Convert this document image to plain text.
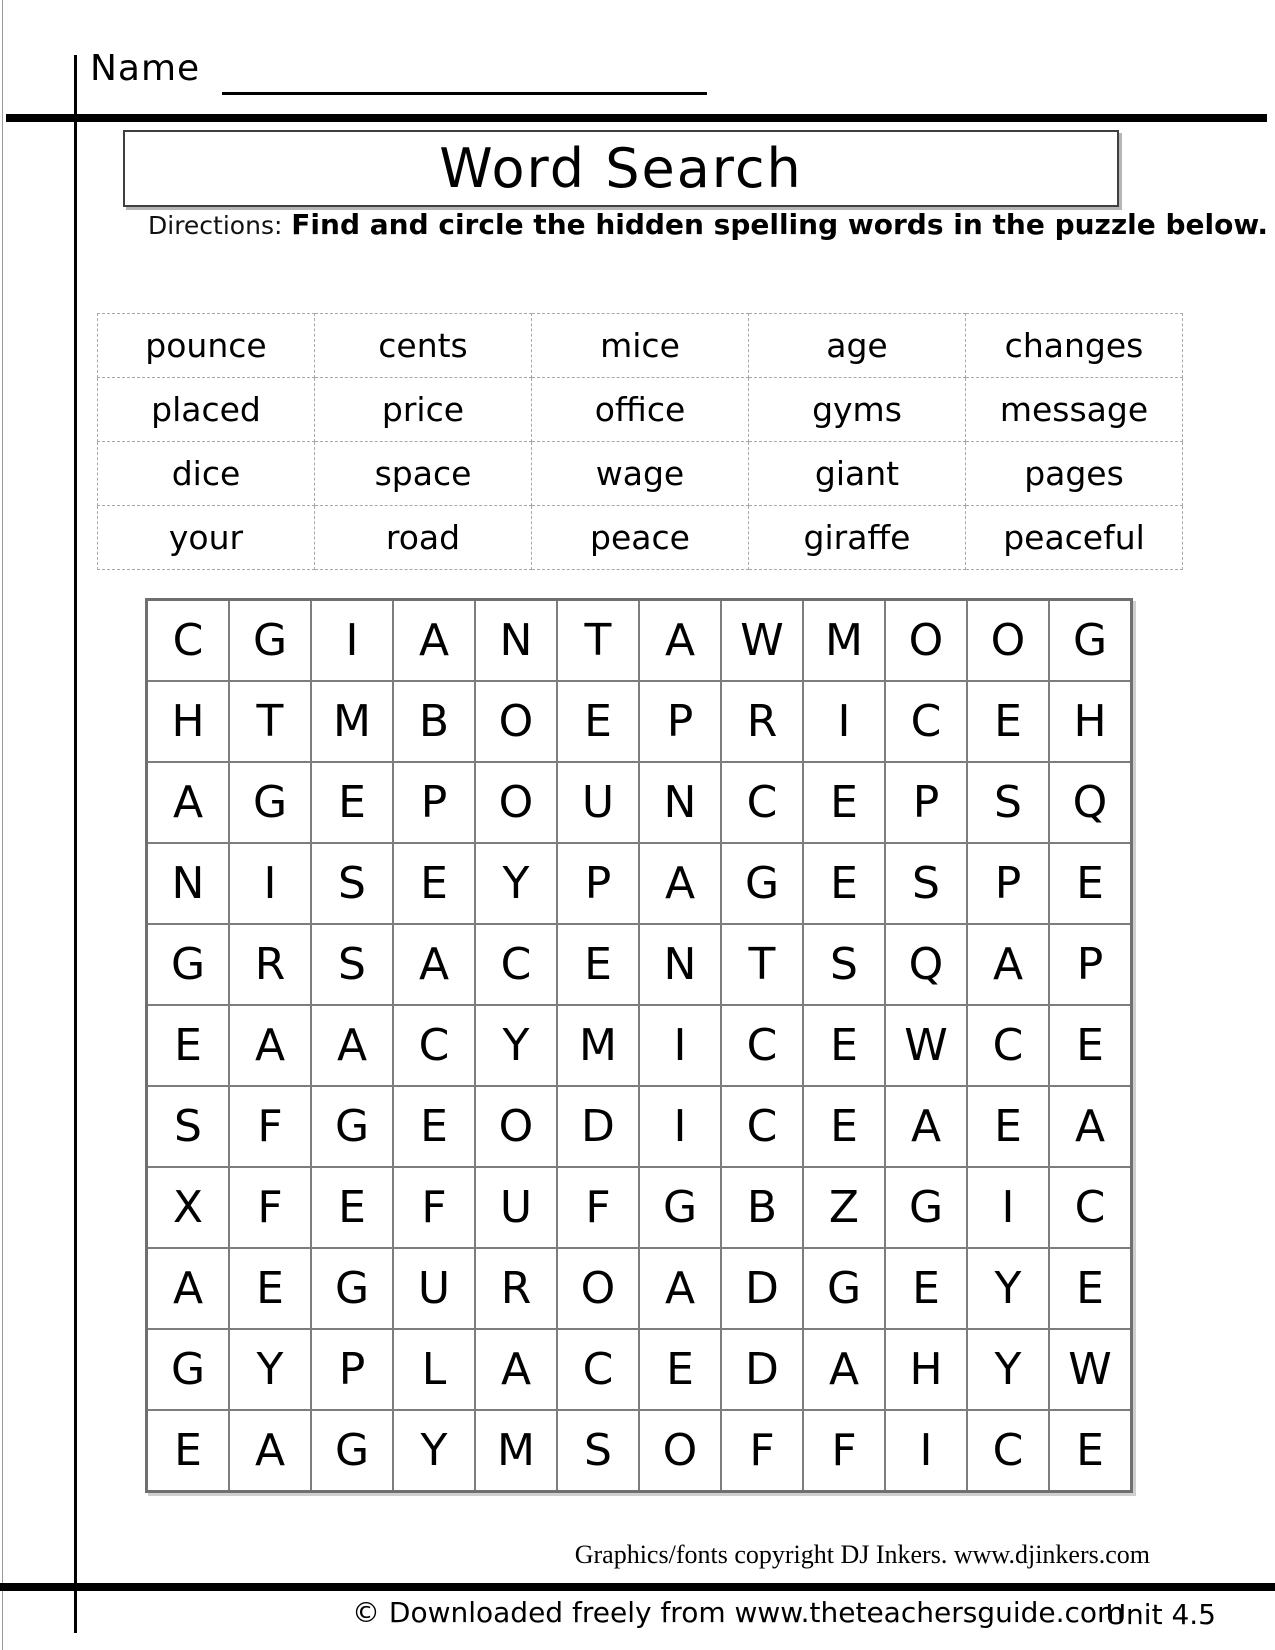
Name
Word Search
Directions: Find and circle the hidden spelling words in the puzzle below.
pounce	cents	mice	age	changes
placed	price	office	gyms	message
dice	space	wage	giant	pages
your	road	peace	giraffe	peaceful
C	G	I	A	N	T	A	W	M	O	O	G
H	T	M	B	O	E	P	R	I	C	E	H
A	G	E	P	O	U	N	C	E	P	S	Q
N	I	S	E	Y	P	A	G	E	S	P	E
G	R	S	A	C	E	N	T	S	Q	A	P
E	A	A	C	Y	M	I	C	E	W	C	E
S	F	G	E	O	D	I	C	E	A	E	A
X	F	E	F	U	F	G	B	Z	G	I	C
A	E	G	U	R	O	A	D	G	E	Y	E
G	Y	P	L	A	C	E	D	A	H	Y	W
E	A	G	Y	M	S	O	F	F	I	C	E
Graphics/fonts copyright DJ Inkers. www.djinkers.com
© Downloaded freely from www.theteachersguide.com
Unit 4.5
